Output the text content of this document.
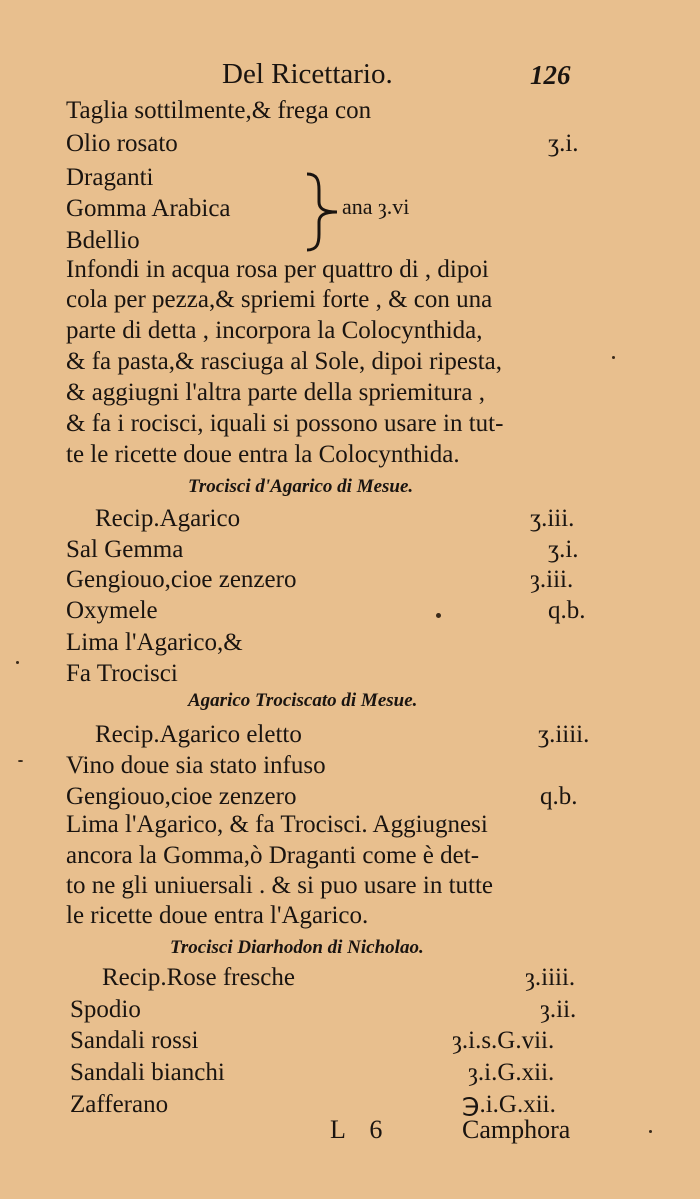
Del Ricettario.	126
Taglia sottilmente,& frega con
Olio rosato	ʒ.i.
Draganti
Gomma Arabica
Bdellio
ana ȝ.vi
Infondi in acqua rosa per quattro di , dipoi
cola per pezza,& spriemi forte , & con una
parte di detta , incorpora la Colocynthida,
& fa pasta,& rasciuga al Sole, dipoi ripesta,
& aggiugni l'altra parte della spriemitura ,
& fa i rocisci, iquali si possono usare in tut-
te le ricette doue entra la Colocynthida.
Trocisci d'Agarico di Mesue.
Recip.Agarico	ʒ.iii.
Sal Gemma	ʒ.i.
Gengiouo,cioe zenzero	ȝ.iii.
Oxymele	q.b.
Lima l'Agarico,&
Fa Trocisci
Agarico Trociscato di Mesue.
Recip.Agarico eletto	ʒ.iiii.
Vino doue sia stato infuso
Gengiouo,cioe zenzero	q.b.
Lima l'Agarico, & fa Trocisci. Aggiugnesi
ancora la Gomma,ò Draganti come è det-
to ne gli uniuersali . & si puo usare in tutte
le ricette doue entra l'Agarico.
Trocisci Diarhodon di Nicholao.
Recip.Rose fresche	ȝ.iiii.
Spodio	ȝ.ii.
Sandali rossi	ȝ.i.s.G.vii.
Sandali bianchi	ȝ.i.G.xii.
Zafferano	℈.i.G.xii.
L 6	Camphora
